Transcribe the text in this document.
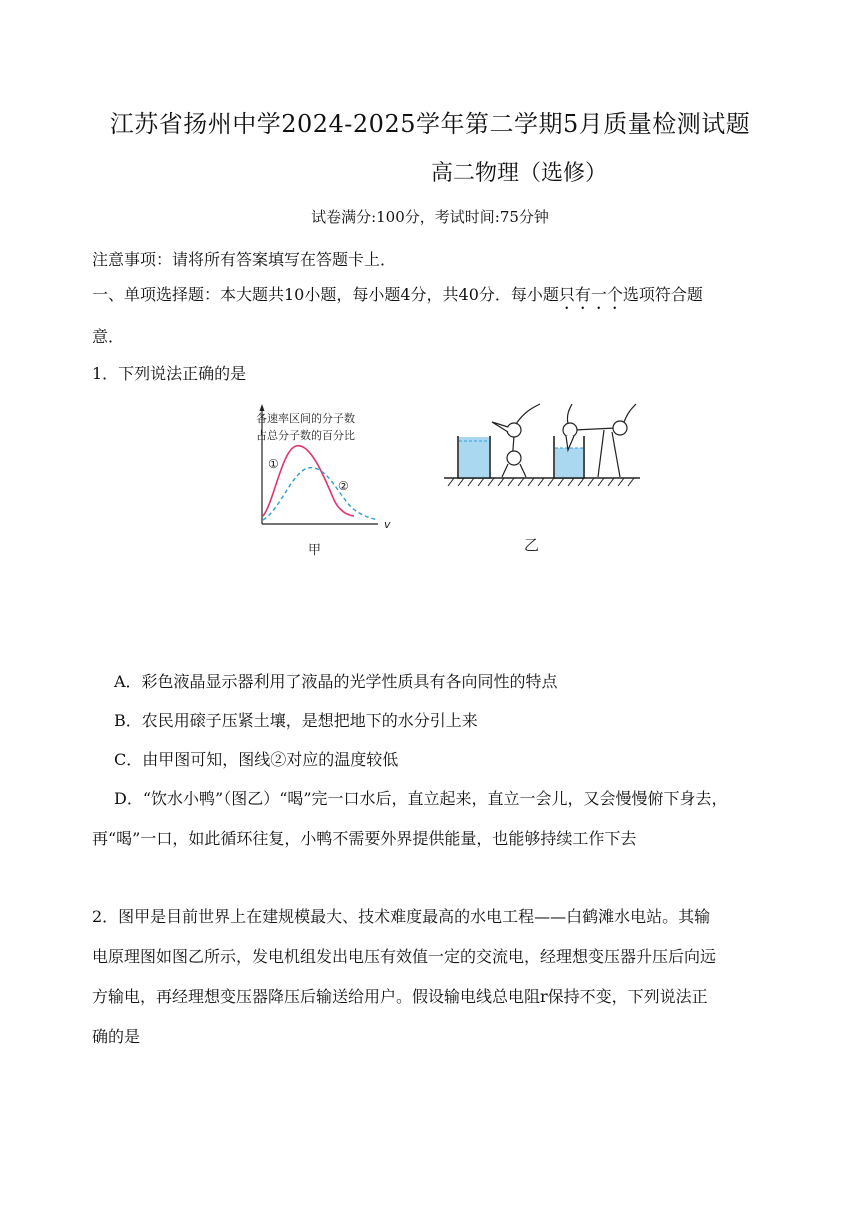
江苏省扬州中学2024-2025学年第二学期5月质量检测试题
高二物理（选修）
试卷满分:100分，考试时间:75分钟
注意事项：请将所有答案填写在答题卡上．
一、单项选择题：本大题共10小题，每小题4分，共40分．每小题只有一个选项符合题
意．
1．下列说法正确的是
各速率区间的分子数
占总分子数的百分比
①
②
v
甲	乙
A．彩色液晶显示器利用了液晶的光学性质具有各向同性的特点
B．农民用磙子压紧土壤，是想把地下的水分引上来
C．由甲图可知，图线②对应的温度较低
D．“饮水小鸭”（图乙）“喝”完一口水后，直立起来，直立一会儿，又会慢慢俯下身去，
再“喝”一口，如此循环往复，小鸭不需要外界提供能量，也能够持续工作下去
2．图甲是目前世界上在建规模最大、技术难度最高的水电工程——白鹤滩水电站。其输
电原理图如图乙所示，发电机组发出电压有效值一定的交流电，经理想变压器升压后向远
方输电，再经理想变压器降压后输送给用户。假设输电线总电阻r保持不变，下列说法正
确的是
